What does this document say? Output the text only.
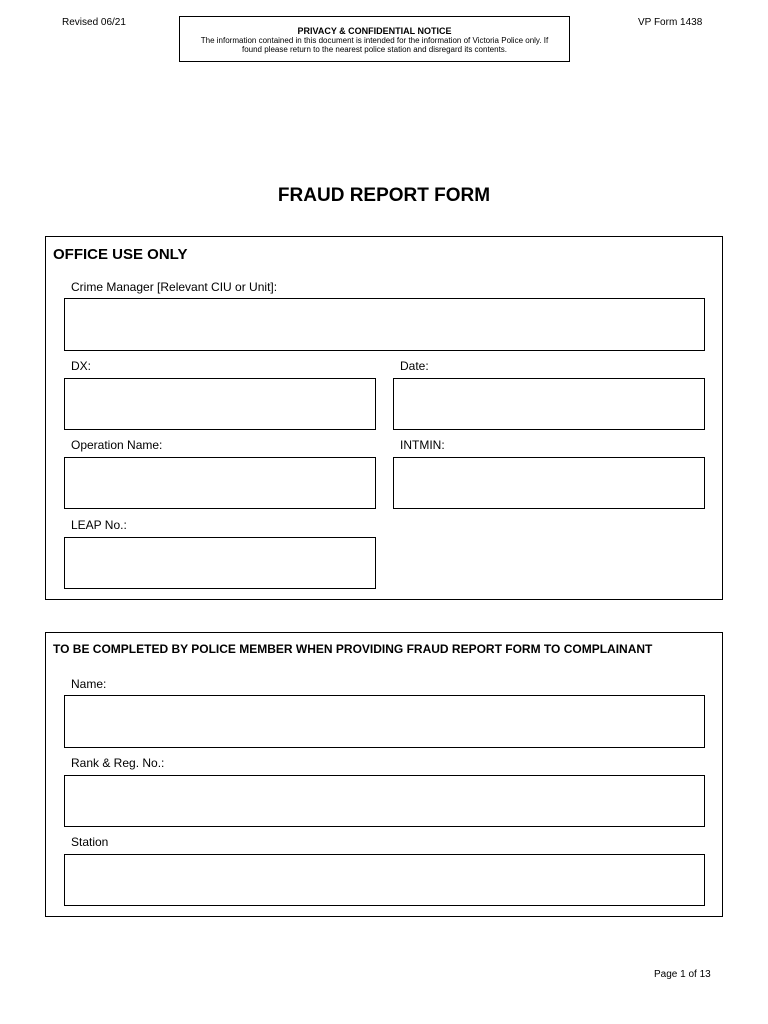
Revised 06/21
PRIVACY & CONFIDENTIAL NOTICE
The information contained in this document is intended for the information of Victoria Police only. If found please return to the nearest police station and disregard its contents.
VP Form 1438
FRAUD REPORT FORM
OFFICE USE ONLY
Crime Manager [Relevant CIU or Unit]:
DX:	Date:
Operation Name:	INTMIN:
LEAP No.:
TO BE COMPLETED BY POLICE MEMBER WHEN PROVIDING FRAUD REPORT FORM TO COMPLAINANT
Name:
Rank & Reg. No.:
Station
Page 1 of 13
